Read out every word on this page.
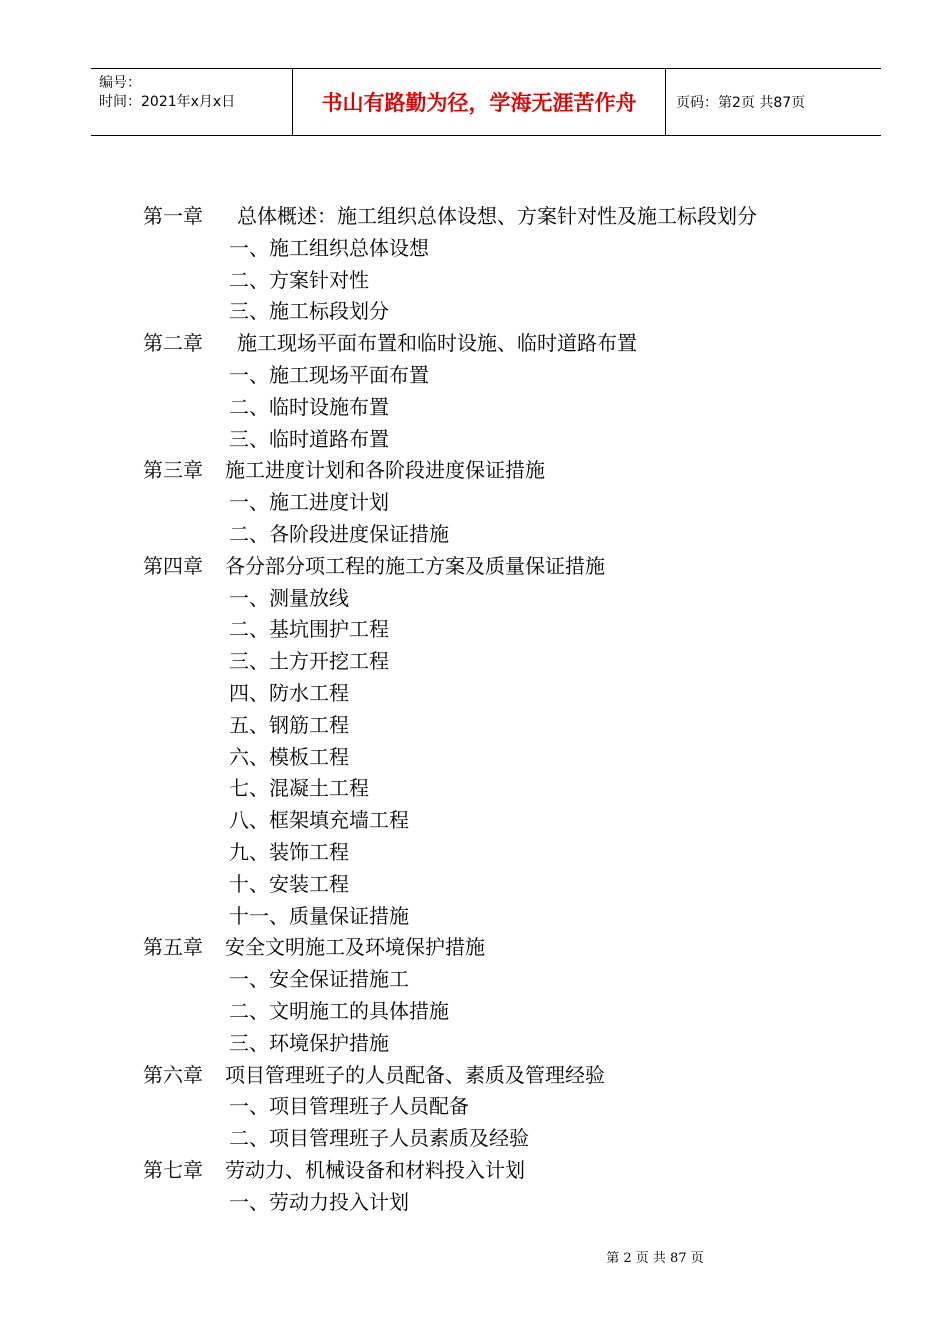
编号：
时间：2021年x月x日	书山有路勤为径，学海无涯苦作舟	页码：第2页 共87页
第一章 总体概述：施工组织总体设想、方案针对性及施工标段划分
一、施工组织总体设想
二、方案针对性
三、施工标段划分
第二章 施工现场平面布置和临时设施、临时道路布置
一、施工现场平面布置
二、临时设施布置
三、临时道路布置
第三章 施工进度计划和各阶段进度保证措施
一、施工进度计划
二、各阶段进度保证措施
第四章 各分部分项工程的施工方案及质量保证措施
一、测量放线
二、基坑围护工程
三、土方开挖工程
四、防水工程
五、钢筋工程
六、模板工程
七、混凝土工程
八、框架填充墙工程
九、装饰工程
十、安装工程
十一、质量保证措施
第五章 安全文明施工及环境保护措施
一、安全保证措施工
二、文明施工的具体措施
三、环境保护措施
第六章 项目管理班子的人员配备、素质及管理经验
一、项目管理班子人员配备
二、项目管理班子人员素质及经验
第七章 劳动力、机械设备和材料投入计划
一、劳动力投入计划
第 2 页 共 87 页
